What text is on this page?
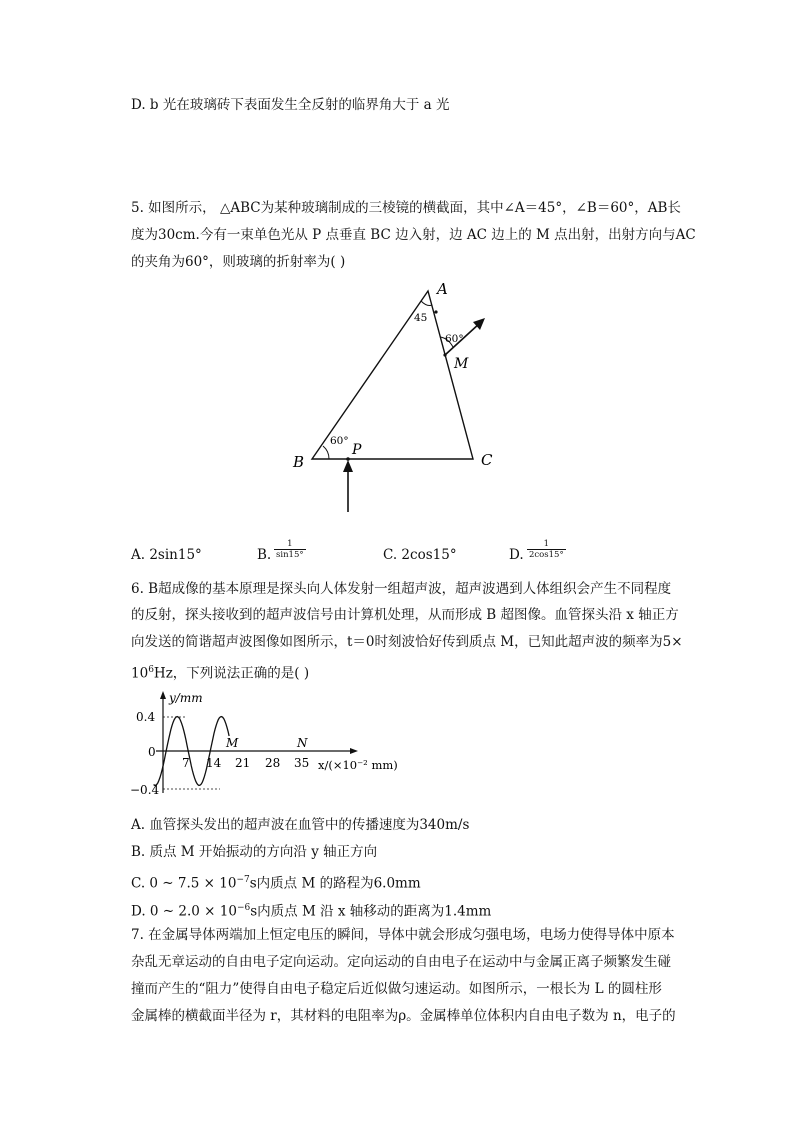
D. b 光在玻璃砖下表面发生全反射的临界角大于 a 光
5. 如图所示， △ABC为某种玻璃制成的三棱镜的横截面，其中∠A＝45°，∠B＝60°，AB长
度为30cm.今有一束单色光从 P 点垂直 BC 边入射，边 AC 边上的 M 点出射，出射方向与AC
的夹角为60°，则玻璃的折射率为( )
A
B	C
M
P
45
60°
60°
A. 2sin15°	B. $\frac{1}{\sin 15^\circ}$	C. 2cos15°	D. $\frac{1}{2\cos 15^\circ}$
6. B超成像的基本原理是探头向人体发射一组超声波，超声波遇到人体组织会产生不同程度
的反射，探头接收到的超声波信号由计算机处理，从而形成 B 超图像。血管探头沿 x 轴正方
向发送的简谐超声波图像如图所示，t＝0时刻波恰好传到质点 M，已知此超声波的频率为5×
$10^6Hz$，下列说法正确的是( )
0.4
0
−0.4
7 14 21 28 35
M	N
y/mm
x/(×10⁻² mm)
A. 血管探头发出的超声波在血管中的传播速度为340m/s
B. 质点 M 开始振动的方向沿 y 轴正方向
C. 0 ~ $7.5 \times 10^{-7}s$内质点 M 的路程为6.0mm
D. 0 ~ $2.0 \times 10^{-6}s$内质点 M 沿 x 轴移动的距离为1.4mm
7. 在金属导体两端加上恒定电压的瞬间，导体中就会形成匀强电场，电场力使得导体中原本
杂乱无章运动的自由电子定向运动。定向运动的自由电子在运动中与金属正离子频繁发生碰
撞而产生的“阻力”使得自由电子稳定后近似做匀速运动。如图所示，一根长为 L 的圆柱形
金属棒的横截面半径为 r，其材料的电阻率为ρ。金属棒单位体积内自由电子数为 n，电子的
